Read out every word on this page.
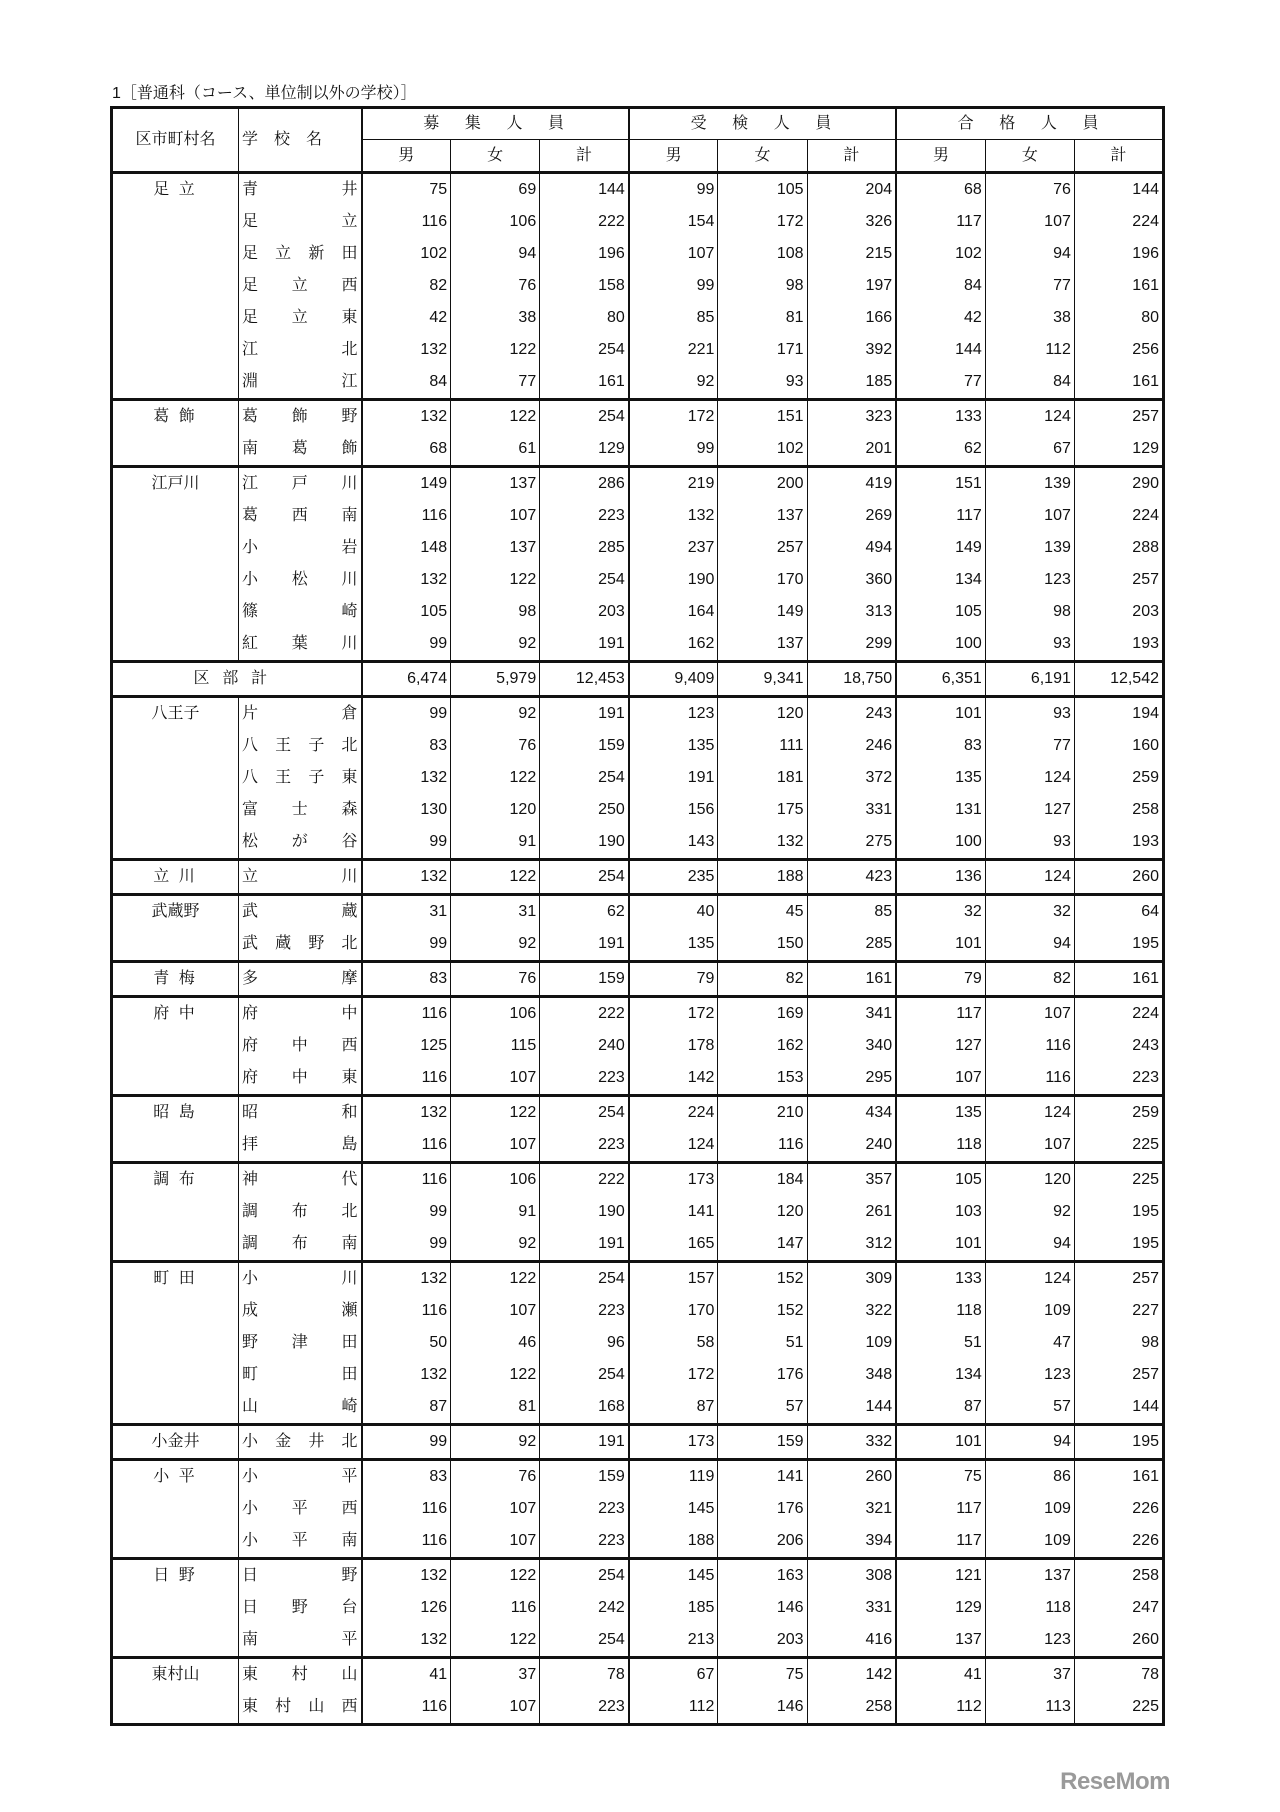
1［普通科（コース、単位制以外の学校）］
区市町村名	学　校　名	募集人員			受検人員			合格人員		
		男	女	計	男	女	計	男	女	計
足立	青井	75	69	144	99	105	204	68	76	144

	足立	116	106	222	154	172	326	117	107	224

	足立新田	102	94	196	107	108	215	102	94	196

	足立西	82	76	158	99	98	197	84	77	161

	足立東	42	38	80	85	81	166	42	38	80

	江北	132	122	254	221	171	392	144	112	256

	淵江	84	77	161	92	93	185	77	84	161
葛飾	葛飾野	132	122	254	172	151	323	133	124	257

	南葛飾	68	61	129	99	102	201	62	67	129
江戸川	江戸川	149	137	286	219	200	419	151	139	290

	葛西南	116	107	223	132	137	269	117	107	224

	小岩	148	137	285	237	257	494	149	139	288

	小松川	132	122	254	190	170	360	134	123	257

	篠崎	105	98	203	164	149	313	105	98	203

	紅葉川	99	92	191	162	137	299	100	93	193
区部計		6,474	5,979	12,453	9,409	9,341	18,750	6,351	6,191	12,542
八王子	片倉	99	92	191	123	120	243	101	93	194

	八王子北	83	76	159	135	111	246	83	77	160

	八王子東	132	122	254	191	181	372	135	124	259

	富士森	130	120	250	156	175	331	131	127	258

	松が谷	99	91	190	143	132	275	100	93	193
立川	立川	132	122	254	235	188	423	136	124	260
武蔵野	武蔵	31	31	62	40	45	85	32	32	64

	武蔵野北	99	92	191	135	150	285	101	94	195
青梅	多摩	83	76	159	79	82	161	79	82	161
府中	府中	116	106	222	172	169	341	117	107	224

	府中西	125	115	240	178	162	340	127	116	243

	府中東	116	107	223	142	153	295	107	116	223
昭島	昭和	132	122	254	224	210	434	135	124	259

	拝島	116	107	223	124	116	240	118	107	225
調布	神代	116	106	222	173	184	357	105	120	225

	調布北	99	91	190	141	120	261	103	92	195

	調布南	99	92	191	165	147	312	101	94	195
町田	小川	132	122	254	157	152	309	133	124	257

	成瀬	116	107	223	170	152	322	118	109	227

	野津田	50	46	96	58	51	109	51	47	98

	町田	132	122	254	172	176	348	134	123	257

	山崎	87	81	168	87	57	144	87	57	144
小金井	小金井北	99	92	191	173	159	332	101	94	195
小平	小平	83	76	159	119	141	260	75	86	161

	小平西	116	107	223	145	176	321	117	109	226

	小平南	116	107	223	188	206	394	117	109	226
日野	日野	132	122	254	145	163	308	121	137	258

	日野台	126	116	242	185	146	331	129	118	247

	南平	132	122	254	213	203	416	137	123	260
東村山	東村山	41	37	78	67	75	142	41	37	78

	東村山西	116	107	223	112	146	258	112	113	225
ReseMom
